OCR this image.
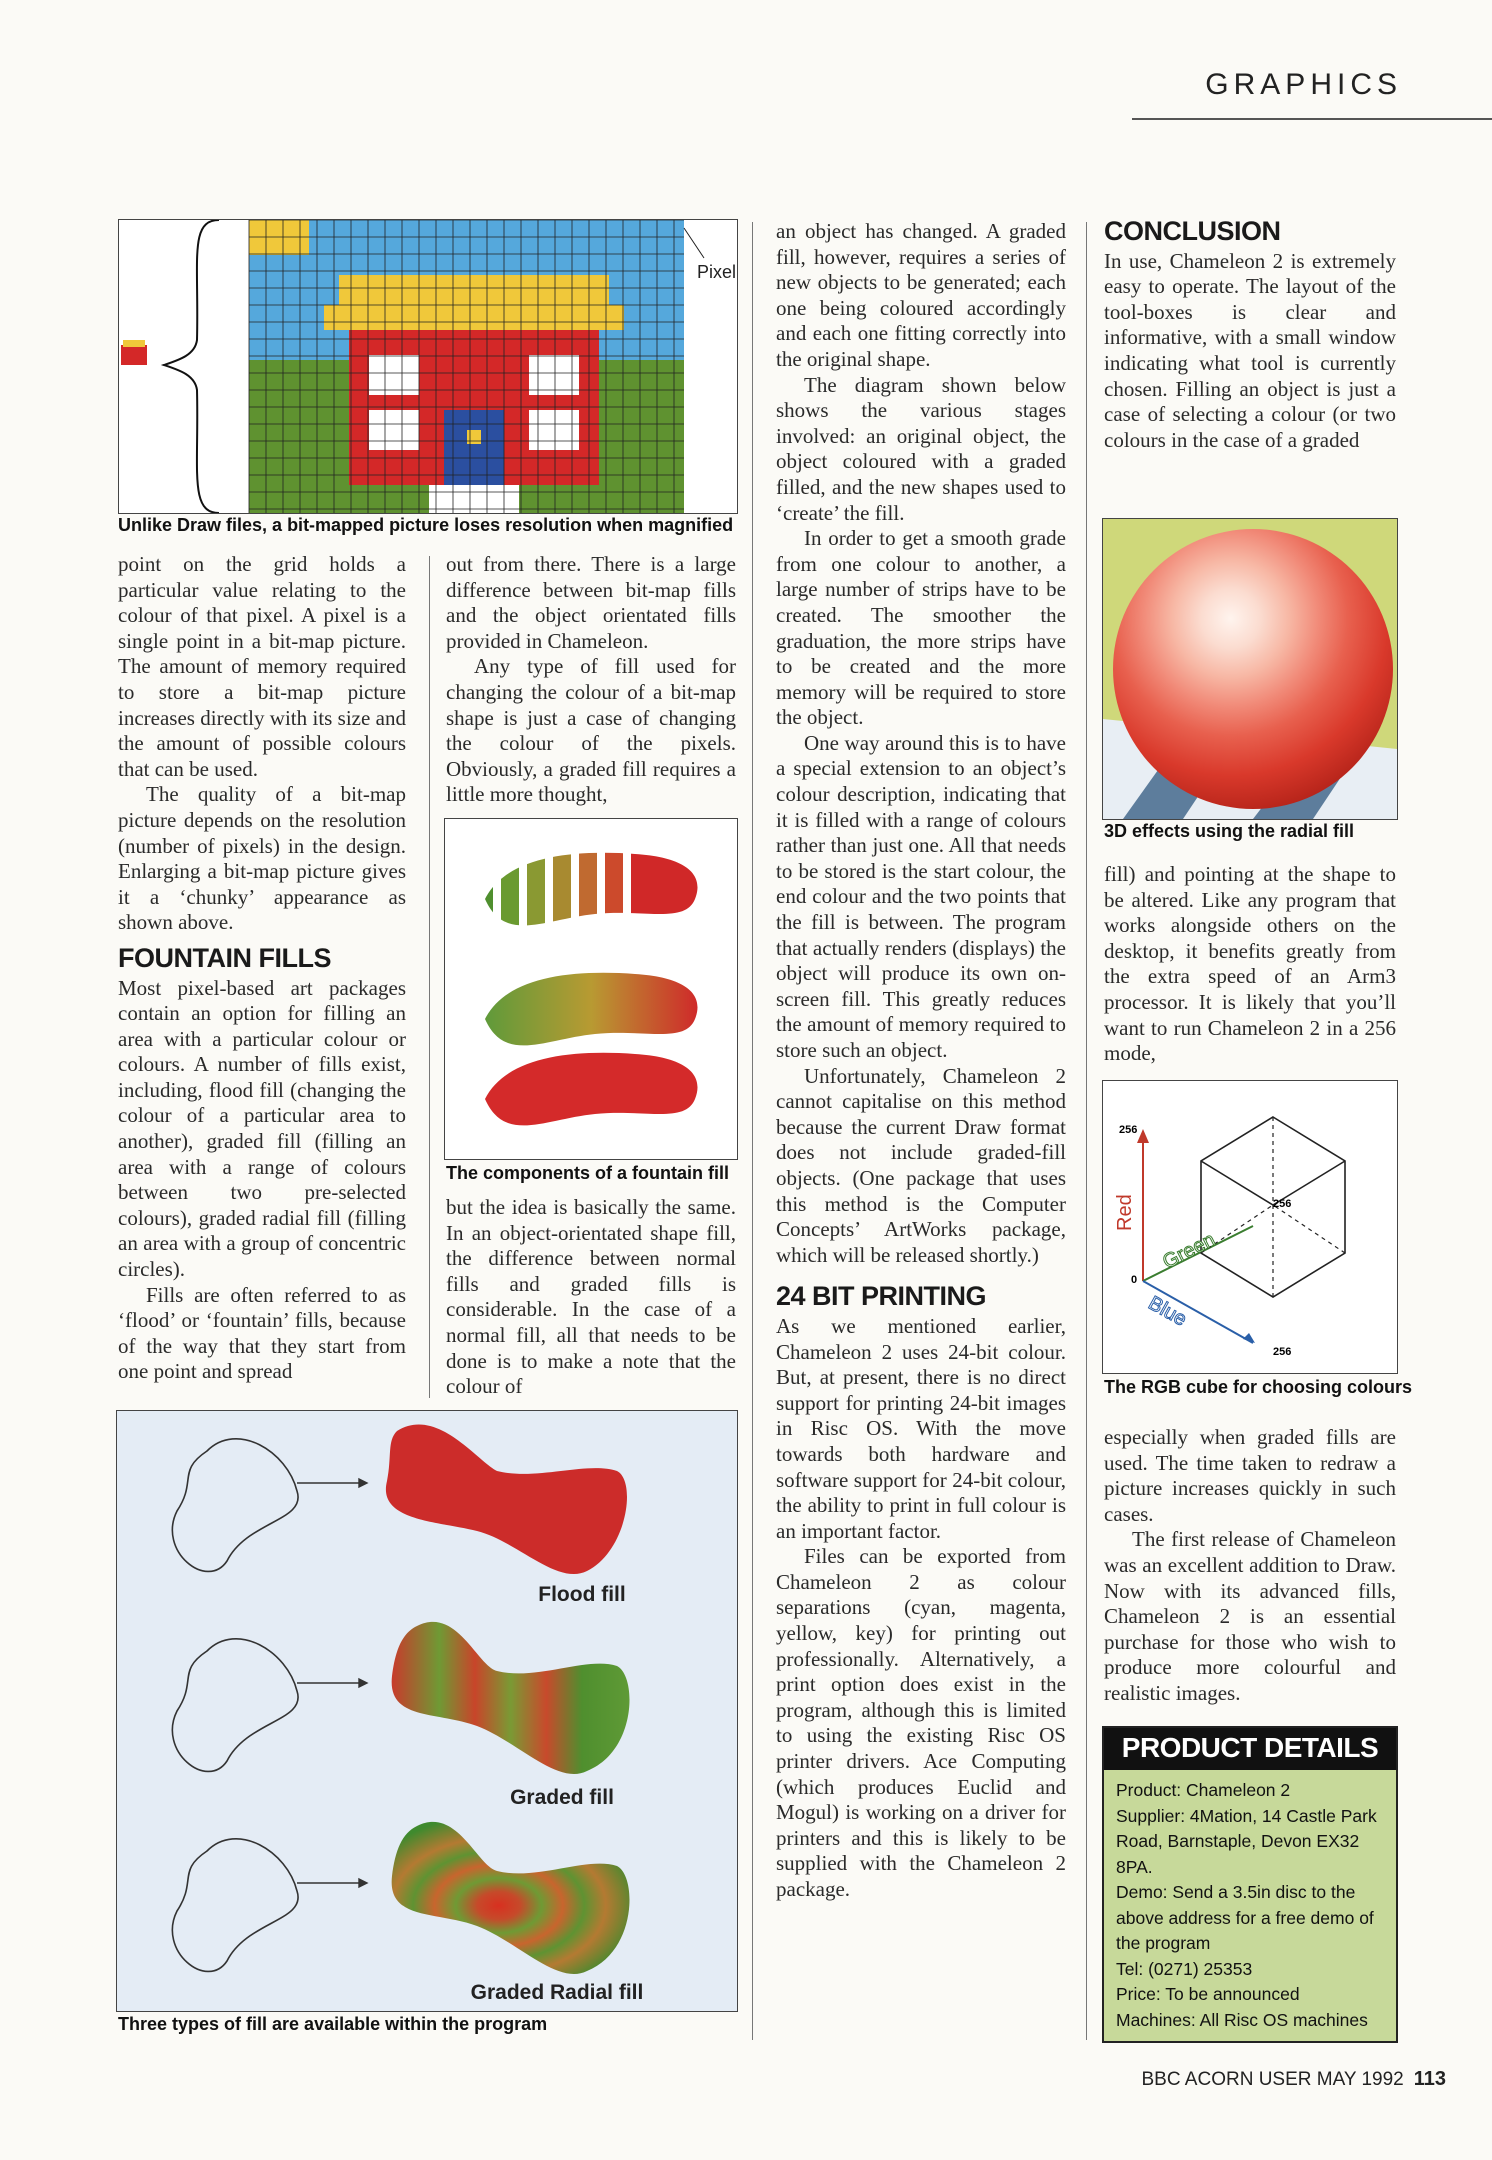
GRAPHICS
Pixel
Unlike Draw files, a bit-mapped picture loses resolution when magnified

point on the grid holds a particular value relating to the colour of that pixel. A pixel is a single point in a bit-map picture. The amount of memory required to store a bit-map picture increases directly with its size and the amount of possible colours that can be used.

The quality of a bit-map picture depends on the resolution (number of pixels) in the design. Enlarging a bit-map picture gives it a ‘chunky’ appearance as shown above.

FOUNTAIN FILLS

Most pixel-based art packages contain an option for filling an area with a particular colour or colours. A number of fills exist, including, flood fill (changing the colour of a particular area to another), graded fill (filling an area with a range of colours between two pre-selected colours), graded radial fill (filling an area with a group of concentric circles).

Fills are often referred to as ‘flood’ or ‘fountain’ fills, because of the way that they start from one point and spread

out from there. There is a large difference between bit-map fills and the object orientated fills provided in Chameleon.

Any type of fill used for changing the colour of a bit-map shape is just a case of changing the colour of the pixels. Obviously, a graded fill requires a little more thought,

The components of a fountain fill

but the idea is basically the same. In an object-orientated shape fill, the difference between normal fills and graded fills is considerable. In the case of a normal fill, all that needs to be done is to make a note that the colour of

an object has changed. A graded fill, however, requires a series of new objects to be generated; each one being coloured accordingly and each one fitting correctly into the original shape.

The diagram shown below shows the various stages involved: an original object, the object coloured with a graded filled, and the new shapes used to ‘create’ the fill.

In order to get a smooth grade from one colour to another, a large number of strips have to be created. The smoother the graduation, the more strips have to be created and the more memory will be required to store the object.

One way around this is to have a special extension to an object’s colour description, indicating that it is filled with a range of colours rather than just one. All that needs to be stored is the start colour, the end colour and the two points that the fill is between. The program that actually renders (displays) the object will produce its own on-screen fill. This greatly reduces the amount of memory required to store such an object.

Unfortunately, Chameleon 2 cannot capitalise on this method because the current Draw format does not include graded-fill objects. (One package that uses this method is the Computer Concepts’ ArtWorks package, which will be released shortly.)

24 BIT PRINTING

As we mentioned earlier, Chameleon 2 uses 24-bit colour. But, at present, there is no direct support for printing 24-bit images in Risc OS. With the move towards both hardware and software support for 24-bit colour, the ability to print in full colour is an important factor.

Files can be exported from Chameleon 2 as colour separations (cyan, magenta, yellow, key) for printing out professionally. Alternatively, a print option does exist in the program, although this is limited to using the existing Risc OS printer drivers. Ace Computing (which produces Euclid and Mogul) is working on a driver for printers and this is likely to be supplied with the Chameleon 2 package.

CONCLUSION

In use, Chameleon 2 is extremely easy to operate. The layout of the tool-boxes is clear and informative, with a small window indicating what tool is currently chosen. Filling an object is just a case of selecting a colour (or two colours in the case of a graded

3D effects using the radial fill

fill) and pointing at the shape to be altered. Like any program that works alongside others on the desktop, it benefits greatly from the extra speed of an Arm3 processor. It is likely that you’ll want to run Chameleon 2 in a 256 mode,

256
256
256
0
Red
Green
Blue
The RGB cube for choosing colours

especially when graded fills are used. The time taken to redraw a picture increases quickly in such cases.

The first release of Chameleon was an excellent addition to Draw. Now with its advanced fills, Chameleon 2 is an essential purchase for those who wish to produce more colourful and realistic images.

PRODUCT DETAILS
Product: Chameleon 2
Supplier: 4Mation, 14 Castle Park Road, Barnstaple, Devon EX32 8PA.
Demo: Send a 3.5in disc to the above address for a free demo of the program
Tel: (0271) 25353
Price: To be announced
Machines: All Risc OS machines
Flood fill
Graded fill
Graded Radial fill
Three types of fill are available within the program
BBC ACORN USER MAY 1992 113
